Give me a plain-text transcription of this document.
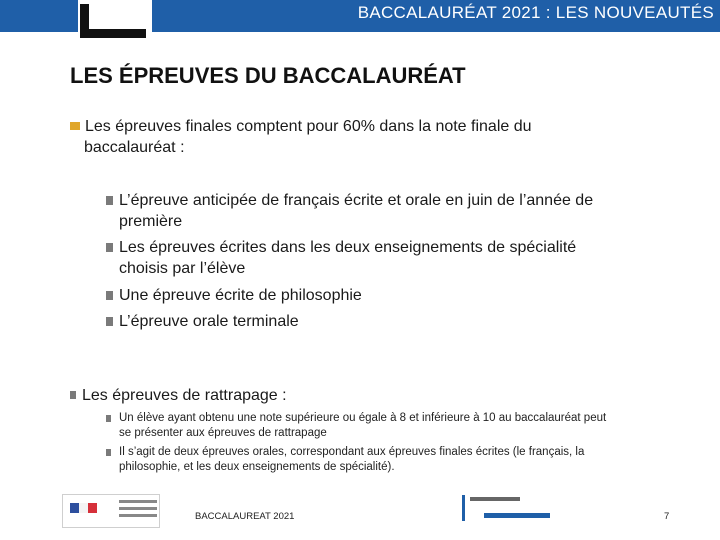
BACCALAURÉAT 2021 : LES NOUVEAUTÉS
LES ÉPREUVES DU BACCALAURÉAT
Les épreuves finales comptent pour 60% dans la note finale du
baccalauréat :
L’épreuve anticipée de français écrite et orale en juin de l’année de
première
Les épreuves écrites dans les deux enseignements de spécialité
choisis par l’élève
Une épreuve écrite de philosophie
L’épreuve orale terminale
Les épreuves de rattrapage :
Un élève ayant obtenu une note supérieure ou égale à 8 et inférieure à 10 au baccalauréat peut
se présenter aux épreuves de rattrapage
Il s’agit de deux épreuves orales, correspondant aux épreuves finales écrites (le français, la
philosophie, et les deux enseignements de spécialité).
BACCALAUREAT 2021	7
